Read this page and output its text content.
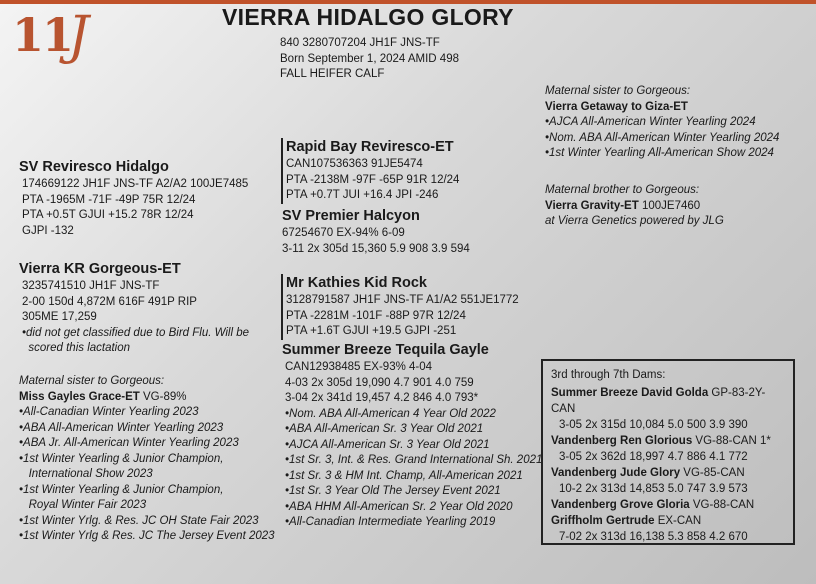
11
J	VIERRA HIDALGO GLORY
840 3280707204 JH1F JNS-TF
Born September 1, 2024 AMID 498
FALL HEIFER CALF
SV Reviresco Hidalgo
174669122 JH1F JNS-TF A2/A2 100JE7485
PTA -1965M -71F -49P 75R 12/24
PTA +0.5T GJUI +15.2 78R 12/24
GJPI -132
Vierra KR Gorgeous-ET
3235741510 JH1F JNS-TF
2-00 150d 4,872M 616F 491P RIP
305ME 17,259
•did not get classified due to Bird Flu. Will be
scored this lactation
Maternal sister to Gorgeous:
Miss Gayles Grace-ET VG-89%
•All-Canadian Winter Yearling 2023
•ABA All-American Winter Yearling 2023
•ABA Jr. All-American Winter Yearling 2023
•1st Winter Yearling & Junior Champion,
International Show 2023
•1st Winter Yearling & Junior Champion,
Royal Winter Fair 2023
•1st Winter Yrlg. & Res. JC OH State Fair 2023
•1st Winter Yrlg & Res. JC The Jersey Event 2023
Rapid Bay Reviresco-ET
CAN107536363 91JE5474
PTA -2138M -97F -65P 91R 12/24
PTA +0.7T JUI +16.4 JPI -246
SV Premier Halcyon
67254670 EX-94% 6-09
3-11 2x 305d 15,360 5.9 908 3.9 594
Mr Kathies Kid Rock
3128791587 JH1F JNS-TF A1/A2 551JE1772
PTA -2281M -101F -88P 97R 12/24
PTA +1.6T GJUI +19.5 GJPI -251
Summer Breeze Tequila Gayle
CAN12938485 EX-93% 4-04
4-03 2x 305d 19,090 4.7 901 4.0 759
3-04 2x 341d 19,457 4.2 846 4.0 793*
•Nom. ABA All-American 4 Year Old 2022
•ABA All-American Sr. 3 Year Old 2021
•AJCA All-American Sr. 3 Year Old 2021
•1st Sr. 3, Int. & Res. Grand International Sh. 2021
•1st Sr. 3 & HM Int. Champ, All-American 2021
•1st Sr. 3 Year Old The Jersey Event 2021
•ABA HHM All-American Sr. 2 Year Old 2020
•All-Canadian Intermediate Yearling 2019
Maternal sister to Gorgeous:
Vierra Getaway to Giza-ET
•AJCA All-American Winter Yearling 2024
•Nom. ABA All-American Winter Yearling 2024
•1st Winter Yearling All-American Show 2024
Maternal brother to Gorgeous:
Vierra Gravity-ET 100JE7460
at Vierra Genetics powered by JLG
3rd through 7th Dams:
Summer Breeze David Golda GP-83-2Y-CAN
3-05 2x 315d 10,084 5.0 500 3.9 390
Vandenberg Ren Glorious VG-88-CAN 1*
3-05 2x 362d 18,997 4.7 886 4.1 772
Vandenberg Jude Glory VG-85-CAN
10-2 2x 313d 14,853 5.0 747 3.9 573
Vandenberg Grove Gloria VG-88-CAN
Griffholm Gertrude EX-CAN
7-02 2x 313d 16,138 5.3 858 4.2 670
